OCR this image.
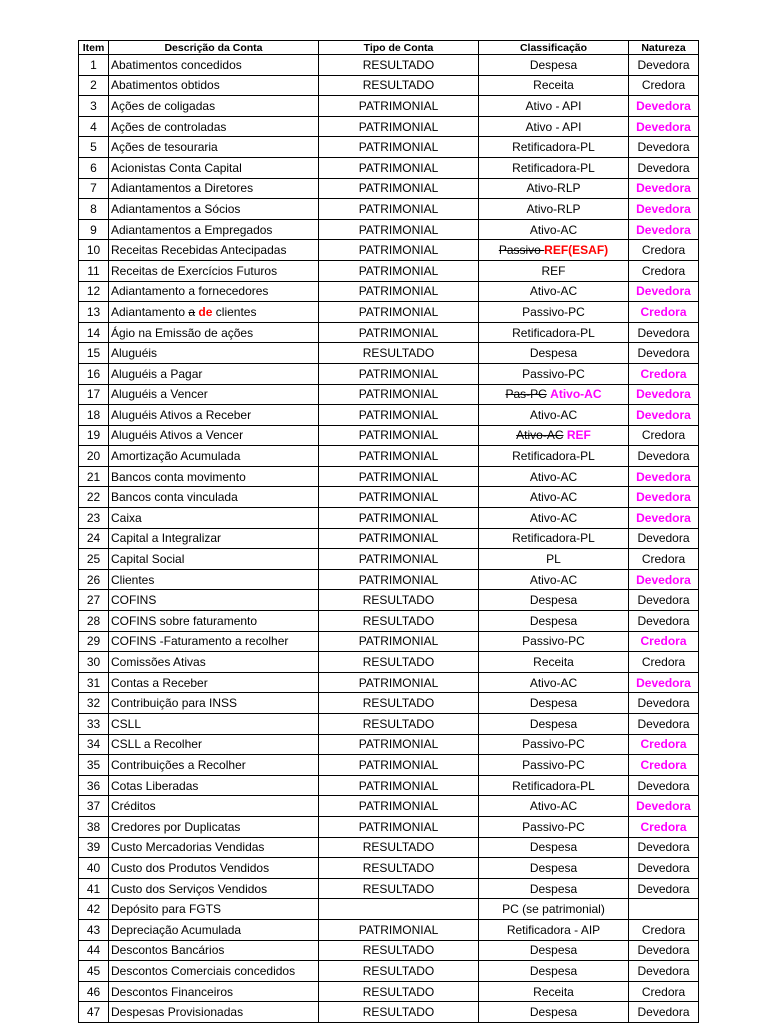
Item	Descrição da Conta	Tipo de Conta	Classificação	Natureza
1	Abatimentos concedidos	RESULTADO	Despesa	Devedora
2	Abatimentos obtidos	RESULTADO	Receita	Credora
3	Ações de coligadas	PATRIMONIAL	Ativo - API	Devedora
4	Ações de controladas	PATRIMONIAL	Ativo - API	Devedora
5	Ações de tesouraria	PATRIMONIAL	Retificadora-PL	Devedora
6	Acionistas Conta Capital	PATRIMONIAL	Retificadora-PL	Devedora
7	Adiantamentos a Diretores	PATRIMONIAL	Ativo-RLP	Devedora
8	Adiantamentos a Sócios	PATRIMONIAL	Ativo-RLP	Devedora
9	Adiantamentos a Empregados	PATRIMONIAL	Ativo-AC	Devedora
10	Receitas Recebidas Antecipadas	PATRIMONIAL	Passivo REF(ESAF)	Credora
11	Receitas de Exercícios Futuros	PATRIMONIAL	REF	Credora
12	Adiantamento a fornecedores	PATRIMONIAL	Ativo-AC	Devedora
13	Adiantamento a de clientes	PATRIMONIAL	Passivo-PC	Credora
14	Ágio na Emissão de ações	PATRIMONIAL	Retificadora-PL	Devedora
15	Aluguéis	RESULTADO	Despesa	Devedora
16	Aluguéis a Pagar	PATRIMONIAL	Passivo-PC	Credora
17	Aluguéis a Vencer	PATRIMONIAL	Pas-PC Ativo-AC	Devedora
18	Aluguéis Ativos a Receber	PATRIMONIAL	Ativo-AC	Devedora
19	Aluguéis Ativos a Vencer	PATRIMONIAL	Ativo-AC REF	Credora
20	Amortização Acumulada	PATRIMONIAL	Retificadora-PL	Devedora
21	Bancos conta movimento	PATRIMONIAL	Ativo-AC	Devedora
22	Bancos conta vinculada	PATRIMONIAL	Ativo-AC	Devedora
23	Caixa	PATRIMONIAL	Ativo-AC	Devedora
24	Capital a Integralizar	PATRIMONIAL	Retificadora-PL	Devedora
25	Capital Social	PATRIMONIAL	PL	Credora
26	Clientes	PATRIMONIAL	Ativo-AC	Devedora
27	COFINS	RESULTADO	Despesa	Devedora
28	COFINS sobre faturamento	RESULTADO	Despesa	Devedora
29	COFINS -Faturamento a recolher	PATRIMONIAL	Passivo-PC	Credora
30	Comissões Ativas	RESULTADO	Receita	Credora
31	Contas a Receber	PATRIMONIAL	Ativo-AC	Devedora
32	Contribuição para INSS	RESULTADO	Despesa	Devedora
33	CSLL	RESULTADO	Despesa	Devedora
34	CSLL a Recolher	PATRIMONIAL	Passivo-PC	Credora
35	Contribuições a Recolher	PATRIMONIAL	Passivo-PC	Credora
36	Cotas Liberadas	PATRIMONIAL	Retificadora-PL	Devedora
37	Créditos	PATRIMONIAL	Ativo-AC	Devedora
38	Credores por Duplicatas	PATRIMONIAL	Passivo-PC	Credora
39	Custo Mercadorias Vendidas	RESULTADO	Despesa	Devedora
40	Custo dos Produtos Vendidos	RESULTADO	Despesa	Devedora
41	Custo dos Serviços Vendidos	RESULTADO	Despesa	Devedora
42	Depósito para FGTS		PC (se patrimonial)	
43	Depreciação Acumulada	PATRIMONIAL	Retificadora - AIP	Credora
44	Descontos Bancários	RESULTADO	Despesa	Devedora
45	Descontos Comerciais concedidos	RESULTADO	Despesa	Devedora
46	Descontos Financeiros	RESULTADO	Receita	Credora
47	Despesas Provisionadas	RESULTADO	Despesa	Devedora
